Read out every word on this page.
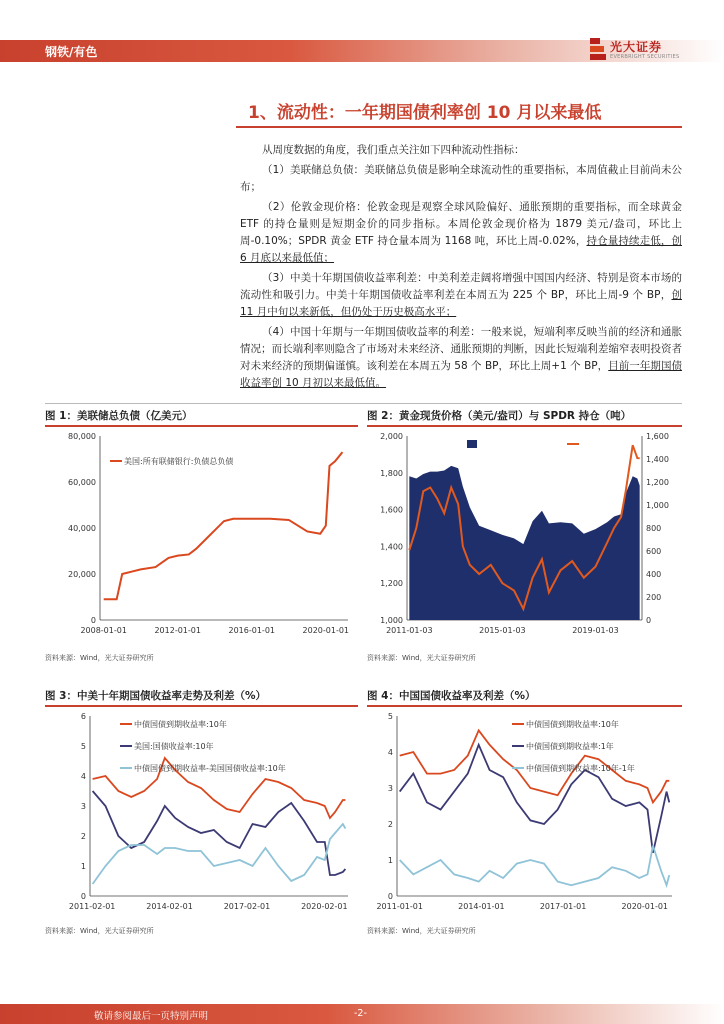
钢铁/有色	光大证券
EVERBRIGHT SECURITIES
1、流动性：一年期国债利率创 10 月以来最低

从周度数据的角度，我们重点关注如下四种流动性指标：

（1）美联储总负债：美联储总负债是影响全球流动性的重要指标，本周值截止目前尚未公布；

（2）伦敦金现价格：伦敦金现是观察全球风险偏好、通胀预期的重要指标，而全球黄金 ETF 的持仓量则是短期金价的同步指标。本周伦敦金现价格为 1879 美元/盎司，环比上周-0.10%；SPDR 黄金 ETF 持仓量本周为 1168 吨，环比上周-0.02%，持仓量持续走低，创 6 月底以来最低值；

（3）中美十年期国债收益率利差：中美利差走阔将增强中国国内经济、特别是资本市场的流动性和吸引力。中美十年期国债收益率利差在本周五为 225 个 BP，环比上周-9 个 BP，创 11 月中旬以来新低，但仍处于历史极高水平；

（4）中国十年期与一年期国债收益率的利差：一般来说，短端利率反映当前的经济和通胀情况；而长端利率则隐含了市场对未来经济、通胀预期的判断，因此长短端利差缩窄表明投资者对未来经济的预期偏谨慎。该利差在本周五为 58 个 BP，环比上周+1 个 BP，目前一年期国债收益率创 10 月初以来最低值。

图 1：美联储总负债（亿美元）
0
20,000
40,000
60,000
80,000
2008-01-01	2012-01-01	2016-01-01	2020-01-01
美国:所有联储银行:负债总负债
资料来源：Wind，光大证券研究所
图 2：黄金现货价格（美元/盎司）与 SPDR 持仓（吨）
1,000
1,200
1,400
1,600
1,800
2,000
0
200
400
600
800
1,000
1,200
1,400
1,600
2011-01-03	2015-01-03	2019-01-03
SPDR:持仓量（右）	伦敦金现
资料来源：Wind，光大证券研究所
图 3：中美十年期国债收益率走势及利差（%）
0
1
2
3
4
5
6
2011-02-01	2014-02-01	2017-02-01	2020-02-01
中债国债到期收益率:10年
美国:国债收益率:10年
中债国债到期收益率-美国国债收益率:10年
资料来源：Wind，光大证券研究所
图 4：中国国债收益率及利差（%）
0
1
2
3
4
5
2011-01-01	2014-01-01	2017-01-01	2020-01-01
中债国债到期收益率:10年
中债国债到期收益率:1年
中债国债到期收益率:10年-1年
资料来源：Wind，光大证券研究所
敬请参阅最后一页特别声明	-2-
